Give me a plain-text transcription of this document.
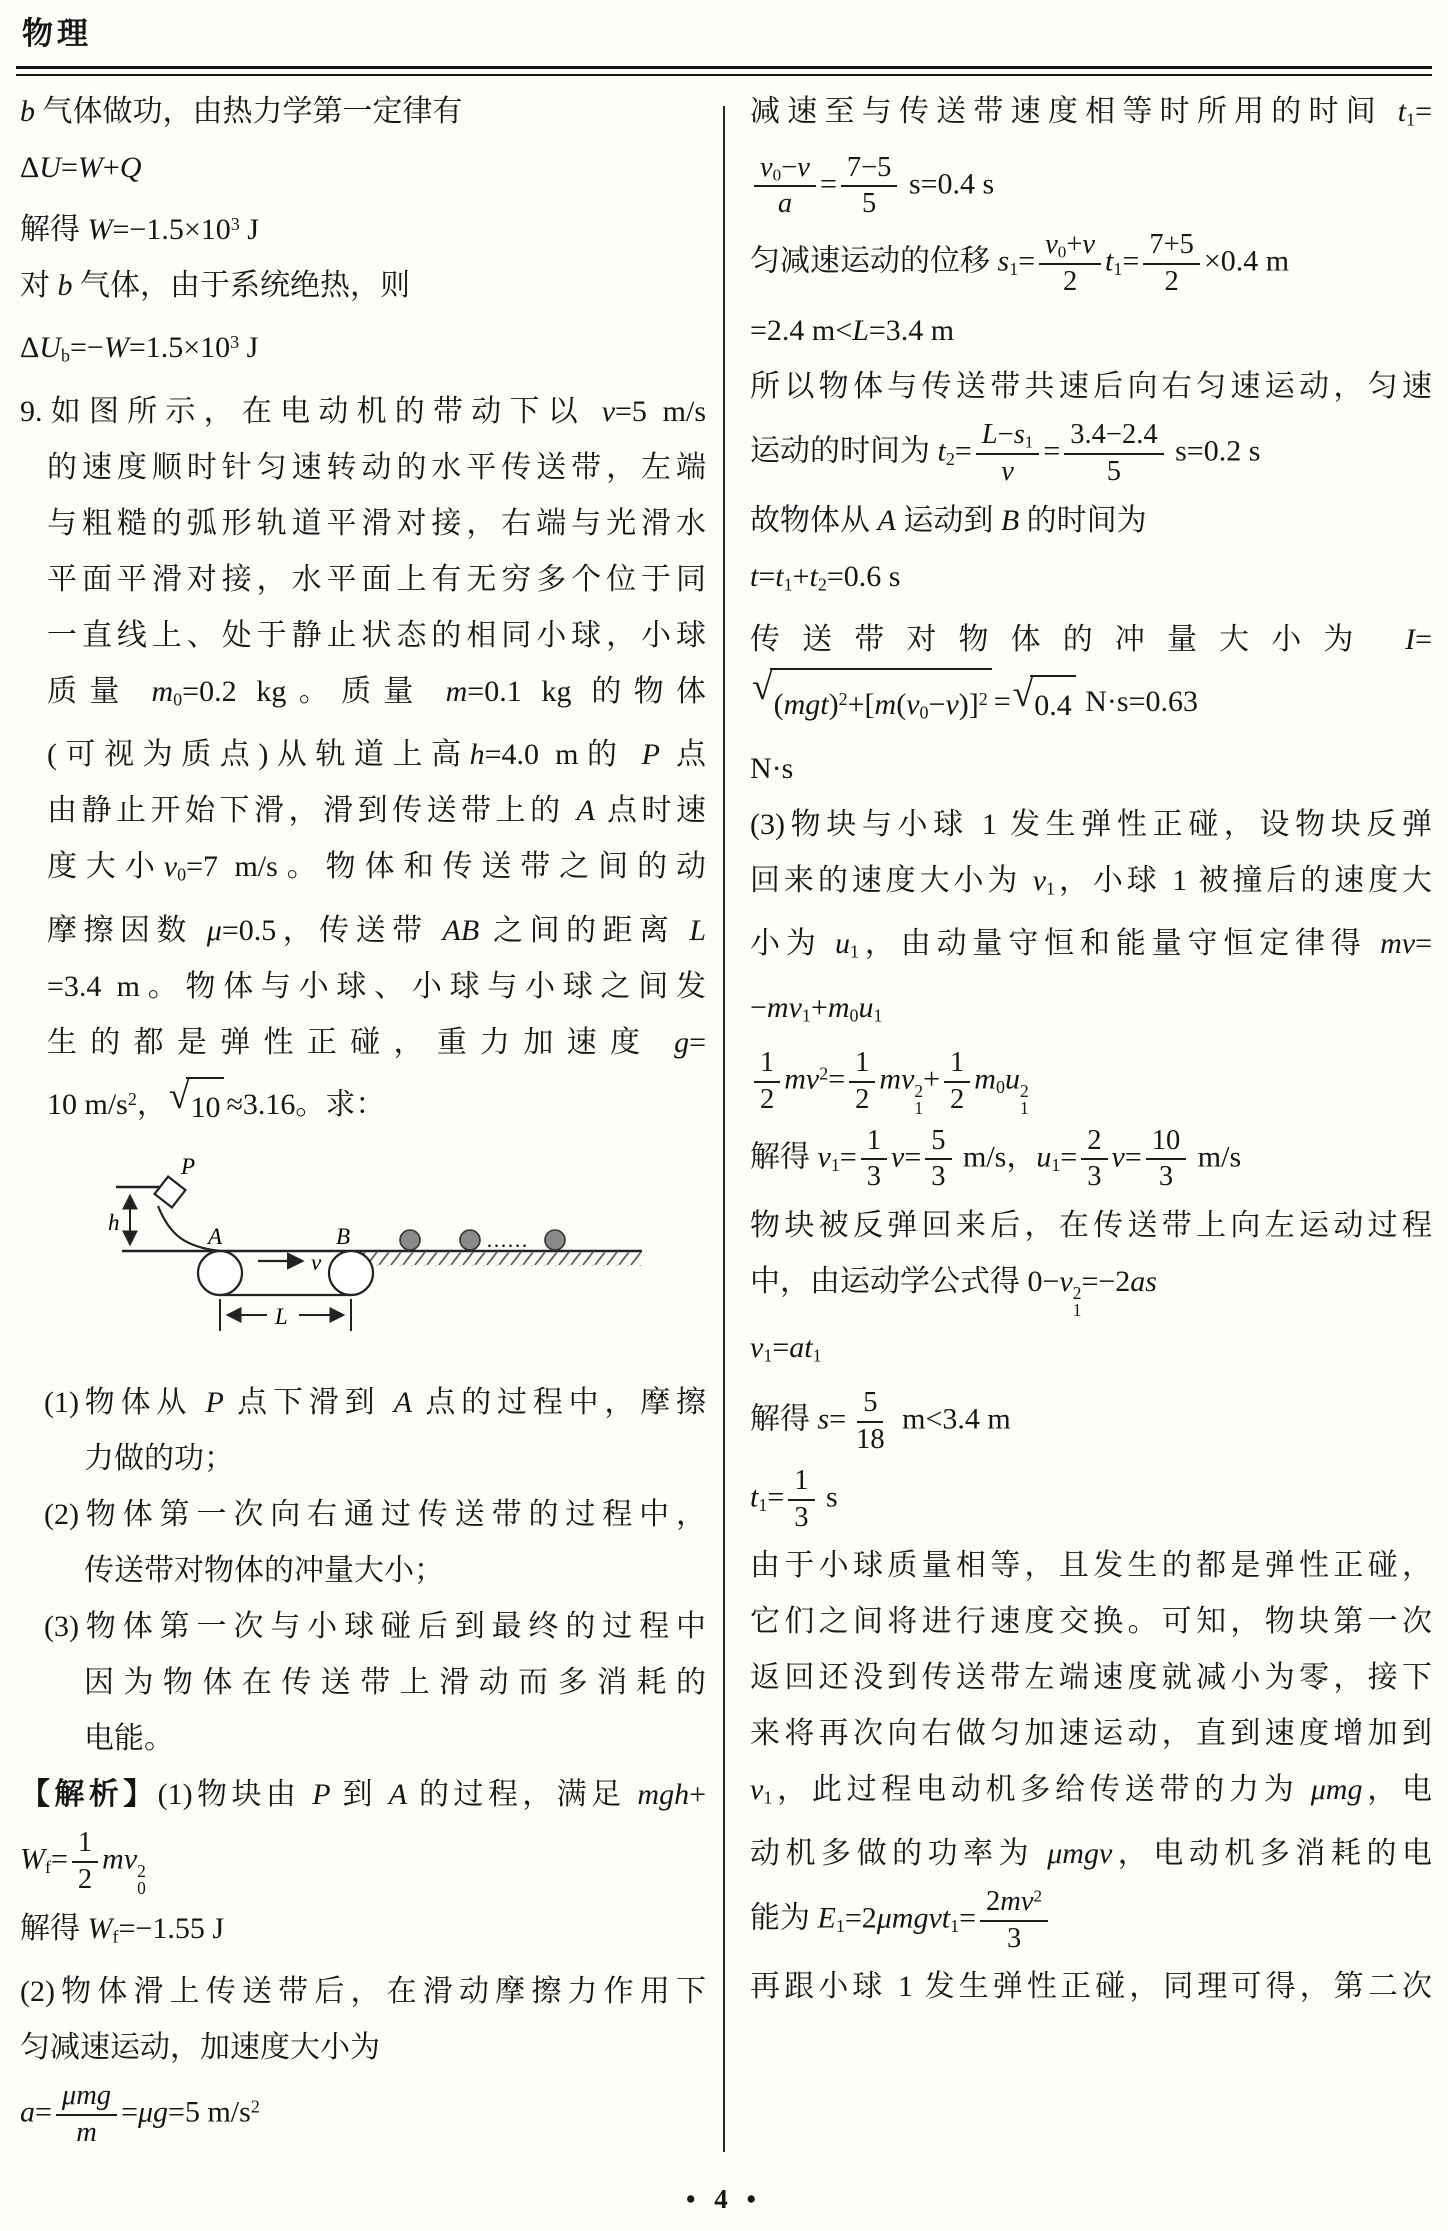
物理
b 气体做功，由热力学第一定律有
ΔU=W+Q
解得 $W=-1.5\times 10^3$ J
对 b 气体，由于系统绝热，则
$\Delta Ub=-W=1.5\times 10^3$ J
9.如图所示，在电动机的带动下以 v=5 m/s
的速度顺时针匀速转动的水平传送带，左端
与粗糙的弧形轨道平滑对接，右端与光滑水
平面平滑对接，水平面上有无穷多个位于同
一直线上、处于静止状态的相同小球，小球
质量 m0=0.2 kg。质量 m=0.1 kg 的物体
(可视为质点)从轨道上高h=4.0 m的 P 点
由静止开始下滑，滑到传送带上的 A 点时速
度大小v0=7 m/s。物体和传送带之间的动
摩擦因数 μ=0.5，传送带 AB 之间的距离 L
=3.4 m。物体与小球、小球与小球之间发
生的都是弹性正碰，重力加速度 g=
10 $m/s^2$， √ 10 ≈3.16。求：
h
P
A	B
v
L
……
(1)物体从 P 点下滑到 A 点的过程中，摩擦
力做的功；
(2)物体第一次向右通过传送带的过程中，
传送带对物体的冲量大小；
(3)物体第一次与小球碰后到最终的过程中
因为物体在传送带上滑动而多消耗的
电能。
【解析】(1)物块由 P 到 A 的过程，满足 mgh+
$Wf= \frac{1}{2}$ mv 2
0
解得 Wf=−1.55 J
(2)物体滑上传送带后，在滑动摩擦力作用下
匀减速运动，加速度大小为
$a= \frac{\text{μmg}}{m} =\mu g=5$ $m/s^2$
减速至与传送带速度相等时所用的时间 t1=
$\frac{v0-v}{a} = \frac{7-5}{5} s=0.4$ s
匀减速运动的位移 $s1= \frac{v0+v}{2} t1= \frac{7+5}{2} \times 0.4$ m
=2.4 m<L=3.4 m
所以物体与传送带共速后向右匀速运动，匀速
运动的时间为 $t2= \frac{L-s1}{v} = \frac{3.4-2.4}{5} s=0.2$ s
故物体从 A 运动到 B 的时间为
t=t1+t2=0.6 s
传送带对物体的冲量大小为 I=
√ $(mgt)^2+[m(v0-v)]^2$ = √ 0.4 N·s=0.63
N·s
(3)物块与小球 1 发生弹性正碰，设物块反弹
回来的速度大小为 v1，小球 1 被撞后的速度大
小为 u1，由动量守恒和能量守恒定律得 mv=
−mv1+m0u1
$\frac{1}{2} mv^2= \frac{1}{2}$ mv 2
1
+ $\frac{1}{2} m0u$ 2
1
解得 $v1= \frac{1}{3} v= \frac{5}{3} m/s$，$u1= \frac{2}{3} v= \frac{10}{3} m/s$
物块被反弹回来后，在传送带上向左运动过程
中，由运动学公式得 0−v 2
1
=−2as
v1=at1
解得 $s= \frac{5}{18} m<3.4$ m
$t1= \frac{1}{3}$ s
由于小球质量相等，且发生的都是弹性正碰，
它们之间将进行速度交换。可知，物块第一次
返回还没到传送带左端速度就减小为零，接下
来将再次向右做匀加速运动，直到速度增加到
v1，此过程电动机多给传送带的力为 μmg，电
动机多做的功率为 μmgv，电动机多消耗的电
能为 E1=2μmgvt1= $\frac{2mv^2}{3}$
再跟小球 1 发生弹性正碰，同理可得，第二次
• 4 •
